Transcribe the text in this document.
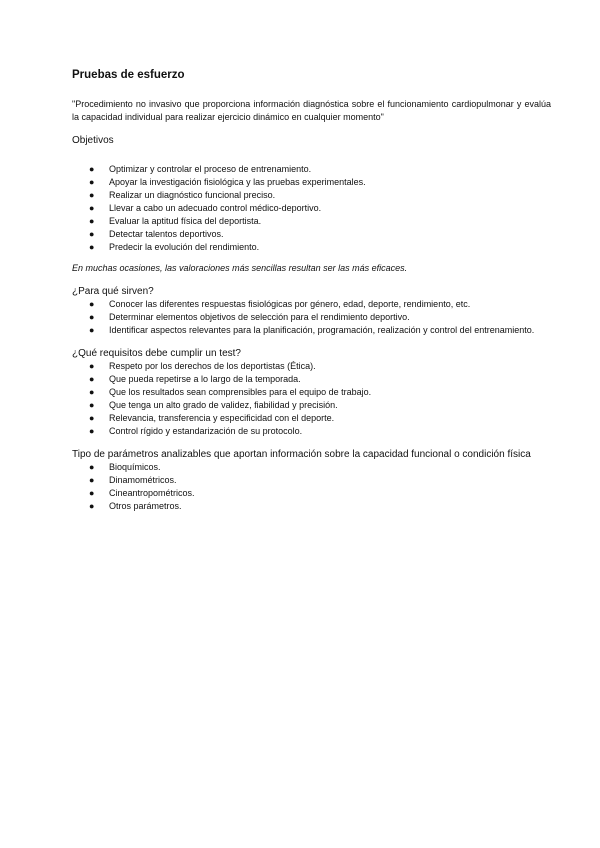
Pruebas de esfuerzo

"Procedimiento no invasivo que proporciona información diagnóstica sobre el funcionamiento cardiopulmonar y evalúa la capacidad individual para realizar ejercicio dinámico en cualquier momento"

Objetivos
● Optimizar y controlar el proceso de entrenamiento.
● Apoyar la investigación fisiológica y las pruebas experimentales.
● Realizar un diagnóstico funcional preciso.
● Llevar a cabo un adecuado control médico-deportivo.
● Evaluar la aptitud física del deportista.
● Detectar talentos deportivos.
● Predecir la evolución del rendimiento.

En muchas ocasiones, las valoraciones más sencillas resultan ser las más eficaces.

¿Para qué sirven?
● Conocer las diferentes respuestas fisiológicas por género, edad, deporte, rendimiento, etc.
● Determinar elementos objetivos de selección para el rendimiento deportivo.
● Identificar aspectos relevantes para la planificación, programación, realización y control del entrenamiento.
¿Qué requisitos debe cumplir un test?
● Respeto por los derechos de los deportistas (Ética).
● Que pueda repetirse a lo largo de la temporada.
● Que los resultados sean comprensibles para el equipo de trabajo.
● Que tenga un alto grado de validez, fiabilidad y precisión.
● Relevancia, transferencia y especificidad con el deporte.
● Control rígido y estandarización de su protocolo.
Tipo de parámetros analizables que aportan información sobre la capacidad funcional o condición física
● Bioquímicos.
● Dinamométricos.
● Cineantropométricos.
● Otros parámetros.
